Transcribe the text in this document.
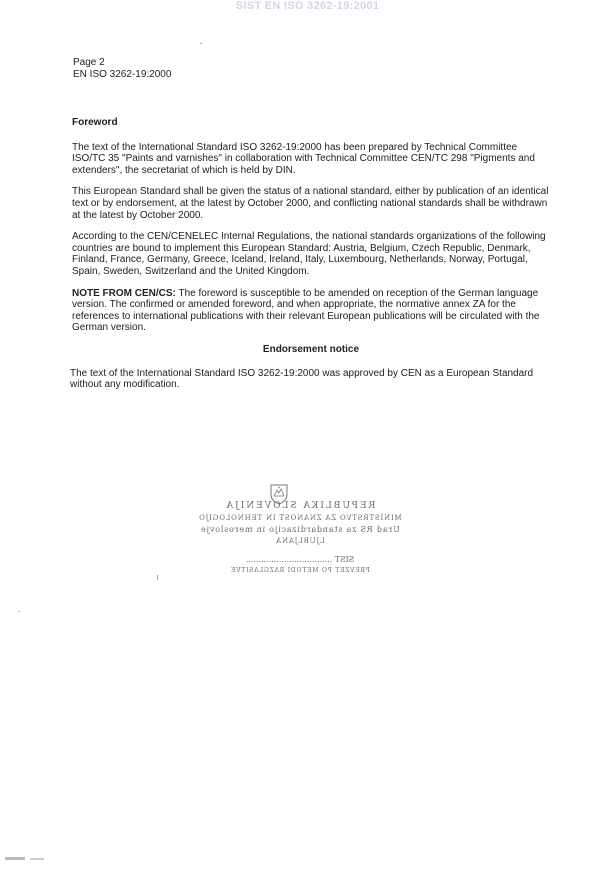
SIST EN ISO 3262-19:2001
Page 2
EN ISO 3262-19:2000
Foreword

The text of the International Standard ISO 3262-19:2000 has been prepared by Technical Committee ISO/TC 35 "Paints and varnishes" in collaboration with Technical Committee CEN/TC 298 "Pigments and extenders", the secretariat of which is held by DIN.

This European Standard shall be given the status of a national standard, either by publication of an identical text or by endorsement, at the latest by October 2000, and conflicting national standards shall be withdrawn at the latest by October 2000.

According to the CEN/CENELEC Internal Regulations, the national standards organizations of the following countries are bound to implement this European Standard: Austria, Belgium, Czech Republic, Denmark, Finland, France, Germany, Greece, Iceland, Ireland, Italy, Luxembourg, Netherlands, Norway, Portugal, Spain, Sweden, Switzerland and the United Kingdom.

NOTE FROM CEN/CS: The foreword is susceptible to be amended on reception of the German language version. The confirmed or amended foreword, and when appropriate, the normative annex ZA for the references to international publications with their relevant European publications will be circulated with the German version.

Endorsement notice

The text of the International Standard ISO 3262-19:2000 was approved by CEN as a European Standard without any modification.

REPUBLIKA SLOVENIJA
MINISTRSTVO ZA ZNANOST IN TEHNOLOGIJO
Urad RS za standardizacijo in meroslovje
LJUBLJANA
SIST ..................................
PREVZET PO METODI RAZGLASITVE
